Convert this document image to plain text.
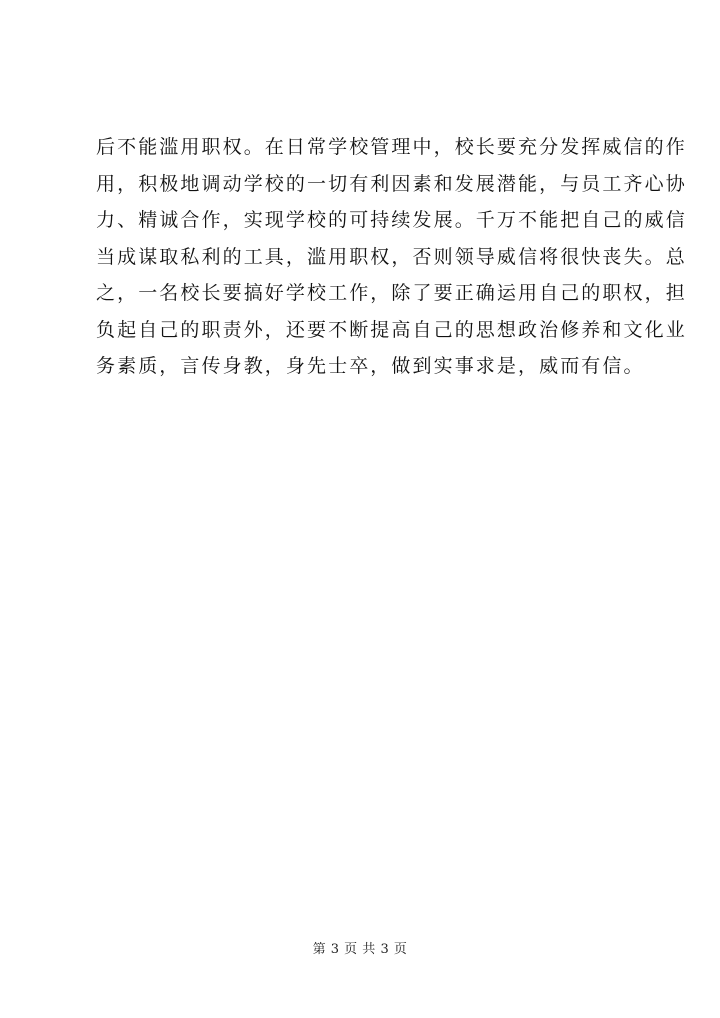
后不能滥用职权。在日常学校管理中，校长要充分发挥威信的作
用，积极地调动学校的一切有利因素和发展潜能，与员工齐心协
力、精诚合作，实现学校的可持续发展。千万不能把自己的威信
当成谋取私利的工具，滥用职权，否则领导威信将很快丧失。总
之，一名校长要搞好学校工作，除了要正确运用自己的职权，担
负起自己的职责外，还要不断提高自己的思想政治修养和文化业
务素质，言传身教，身先士卒，做到实事求是，威而有信。
第 3 页 共 3 页
